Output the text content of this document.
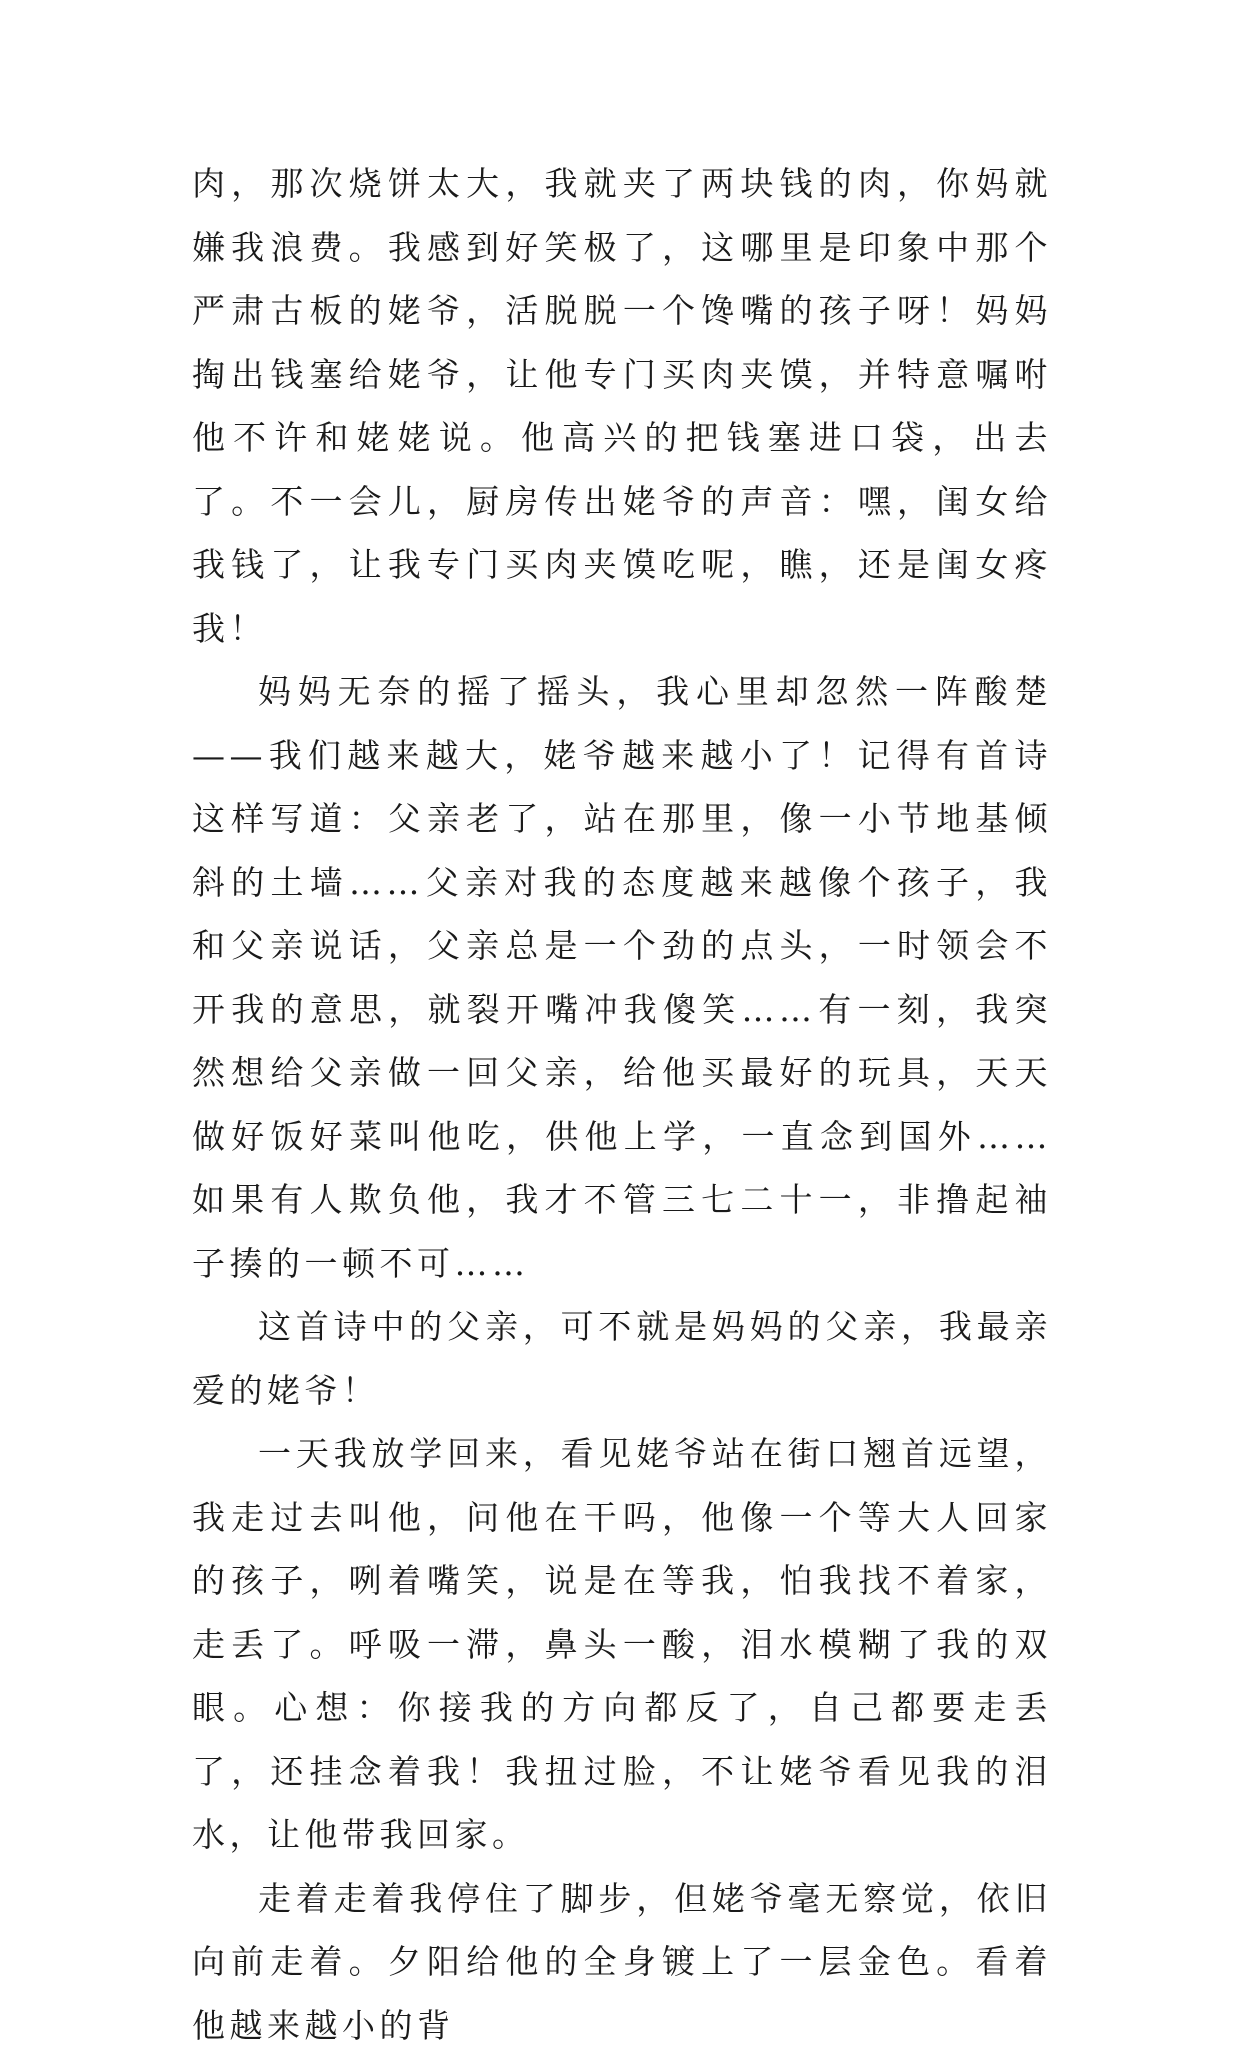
肉，那次烧饼太大，我就夹了两块钱的肉，你妈就嫌我浪费。我感到好笑极了，这哪里是印象中那个严肃古板的姥爷，活脱脱一个馋嘴的孩子呀！妈妈掏出钱塞给姥爷，让他专门买肉夹馍，并特意嘱咐他不许和姥姥说。他高兴的把钱塞进口袋，出去了。不一会儿，厨房传出姥爷的声音：嘿，闺女给我钱了，让我专门买肉夹馍吃呢，瞧，还是闺女疼我！

妈妈无奈的摇了摇头，我心里却忽然一阵酸楚——我们越来越大，姥爷越来越小了！记得有首诗这样写道：父亲老了，站在那里，像一小节地基倾斜的土墙……父亲对我的态度越来越像个孩子，我和父亲说话，父亲总是一个劲的点头，一时领会不开我的意思，就裂开嘴冲我傻笑……有一刻，我突然想给父亲做一回父亲，给他买最好的玩具，天天做好饭好菜叫他吃，供他上学，一直念到国外……如果有人欺负他，我才不管三七二十一，非撸起袖子揍的一顿不可……

这首诗中的父亲，可不就是妈妈的父亲，我最亲爱的姥爷！

一天我放学回来，看见姥爷站在街口翘首远望，我走过去叫他，问他在干吗，他像一个等大人回家的孩子，咧着嘴笑，说是在等我，怕我找不着家，走丢了。呼吸一滞，鼻头一酸，泪水模糊了我的双眼。心想：你接我的方向都反了，自己都要走丢了，还挂念着我！我扭过脸，不让姥爷看见我的泪水，让他带我回家。

走着走着我停住了脚步，但姥爷毫无察觉，依旧向前走着。夕阳给他的全身镀上了一层金色。看着他越来越小的背
